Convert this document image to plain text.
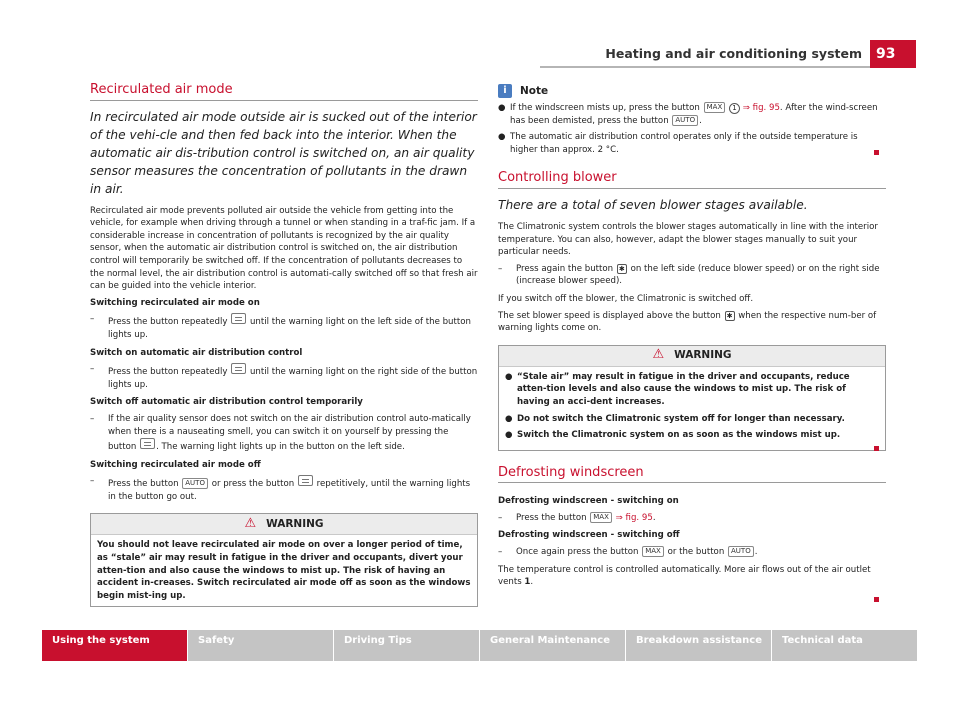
Heating and air conditioning system	93
Recirculated air mode
In recirculated air mode outside air is sucked out of the interior of the vehi-cle and then fed back into the interior. When the automatic air dis-tribution control is switched on, an air quality sensor measures the concentration of pollutants in the drawn in air.

Recirculated air mode prevents polluted air outside the vehicle from getting into the vehicle, for example when driving through a tunnel or when standing in a traf-fic jam. If a considerable increase in concentration of pollutants is recognized by the air quality sensor, when the automatic air distribution control is switched on, the air distribution control will temporarily be switched off. If the concentration of pollutants decreases to the normal level, the air distribution control is automati-cally switched off so that fresh air can be guided into the vehicle interior.

Switching recirculated air mode on

– Press the button repeatedly	until the warning light on the left side of the button lights up.

Switch on automatic air distribution control

– Press the button repeatedly	until the warning light on the right side of the button lights up.

Switch off automatic air distribution control temporarily

– If the air quality sensor does not switch on the air distribution control auto-matically when there is a nauseating smell, you can switch it on yourself by pressing the button . The warning light lights up in the button on the left side.

Switching recirculated air mode off

– Press the button AUTO or press the button	repetitively, until the warning lights in the button go out.
⚠ WARNING
You should not leave recirculated air mode on over a longer period of time, as “stale” air may result in fatigue in the driver and occupants, divert your atten-tion and also cause the windows to mist up. The risk of having an accident in-creases. Switch recirculated air mode off as soon as the windows begin mist-ing up.
i	Note
● If the windscreen mists up, press the button MAX 1 ⇒ fig. 95. After the wind-screen has been demisted, press the button AUTO .
● The automatic air distribution control operates only if the outside temperature is higher than approx. 2 °C.
Controlling blower
There are a total of seven blower stages available.

The Climatronic system controls the blower stages automatically in line with the interior temperature. You can also, however, adapt the blower stages manually to suit your particular needs.

– Press again the button ✱ on the left side (reduce blower speed) or on the right side (increase blower speed).

If you switch off the blower, the Climatronic is switched off.

The set blower speed is displayed above the button ✱ when the respective num-ber of warning lights come on.

⚠ WARNING
● “Stale air” may result in fatigue in the driver and occupants, reduce atten-tion levels and also cause the windows to mist up. The risk of having an acci-dent increases.
● Do not switch the Climatronic system off for longer than necessary.
● Switch the Climatronic system on as soon as the windows mist up.
Defrosting windscreen

Defrosting windscreen - switching on

– Press the button MAX ⇒ fig. 95.

Defrosting windscreen - switching off

– Once again press the button MAX or the button AUTO .

The temperature control is controlled automatically. More air flows out of the air outlet vents 1.

Using the system	Safety	Driving Tips	General Maintenance	Breakdown assistance	Technical data
